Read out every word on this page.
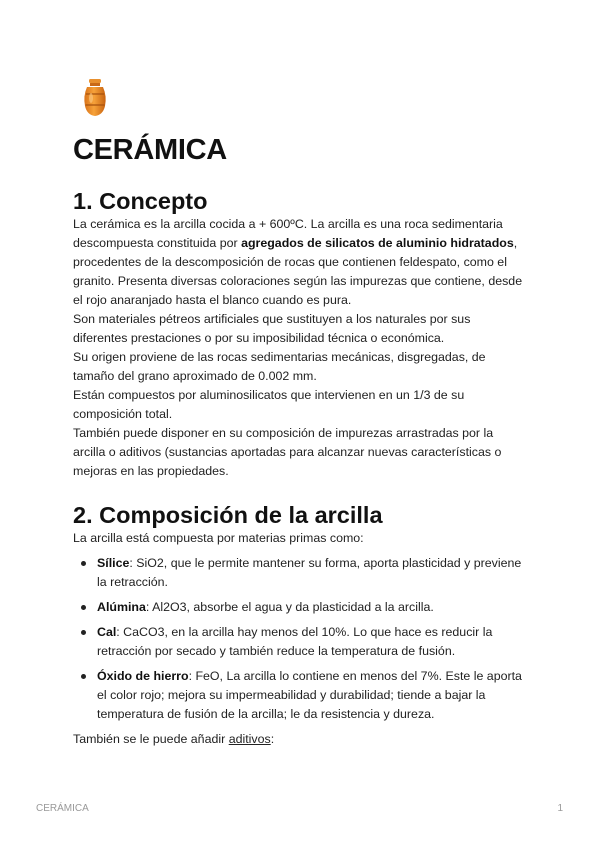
CERÁMICA
1. Concepto

La cerámica es la arcilla cocida a + 600ºC. La arcilla es una roca sedimentaria descompuesta constituida por agregados de silicatos de aluminio hidratados, procedentes de la descomposición de rocas que contienen feldespato, como el granito. Presenta diversas coloraciones según las impurezas que contiene, desde el rojo anaranjado hasta el blanco cuando es pura.

Son materiales pétreos artificiales que sustituyen a los naturales por sus diferentes prestaciones o por su imposibilidad técnica o económica.

Su origen proviene de las rocas sedimentarias mecánicas, disgregadas, de tamaño del grano aproximado de 0.002 mm.

Están compuestos por aluminosilicatos que intervienen en un 1/3 de su composición total.

También puede disponer en su composición de impurezas arrastradas por la arcilla o aditivos (sustancias aportadas para alcanzar nuevas características o mejoras en las propiedades.

2. Composición de la arcilla

La arcilla está compuesta por materias primas como:

Sílice: SiO2, que le permite mantener su forma, aporta plasticidad y previene la retracción.
Alúmina: Al2O3, absorbe el agua y da plasticidad a la arcilla.
Cal: CaCO3, en la arcilla hay menos del 10%. Lo que hace es reducir la retracción por secado y también reduce la temperatura de fusión.
Óxido de hierro: FeO, La arcilla lo contiene en menos del 7%. Este le aporta el color rojo; mejora su impermeabilidad y durabilidad; tiende a bajar la temperatura de fusión de la arcilla; le da resistencia y dureza.

También se le puede añadir aditivos:

CERÁMICA	1
